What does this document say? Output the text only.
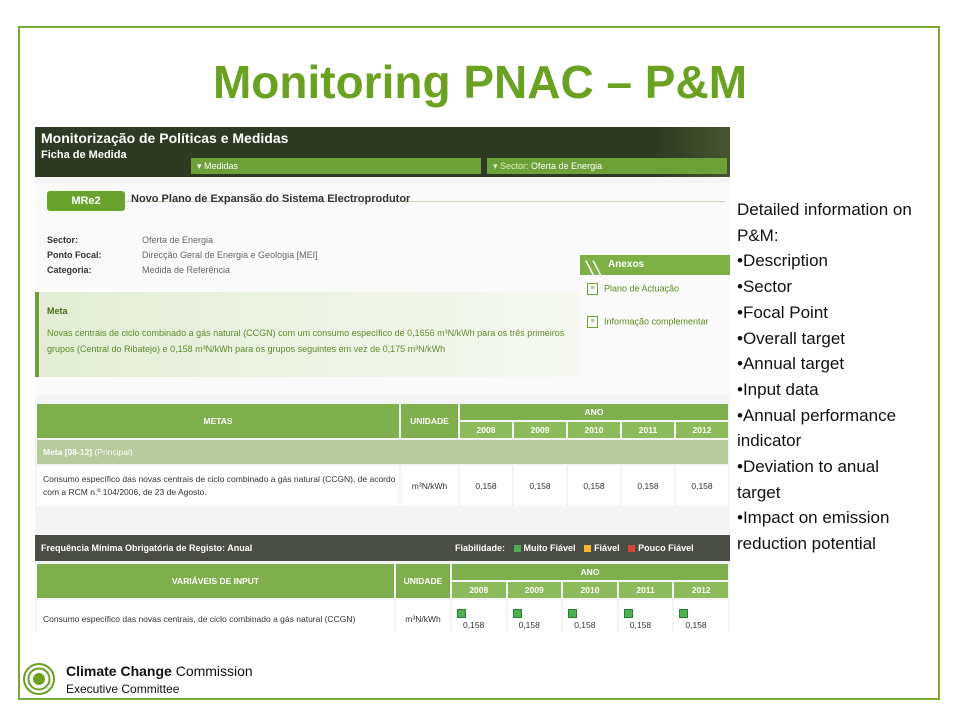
Monitoring PNAC – P&M
Monitorização de Políticas e Medidas
Ficha de Medida
▾ Medidas	▾ Sector: Oferta de Energia
MRe2	Novo Plano de Expansão do Sistema Electroprodutor
Sector:	Oferta de Energia
Ponto Focal:	Direcção Geral de Energia e Geologia [MEI]
Categoria:	Medida de Referência	╲╲ Anexos
≡ Plano de Actuação
≡ Informação complementar
Meta
Novas centrais de ciclo combinado a gás natural (CCGN) com um consumo específico de 0,1656 m³N/kWh para os três primeiros grupos (Central do Ribatejo) e 0,158 m³N/kWh para os grupos seguintes em vez de 0,175 m³N/kWh
METAS	UNIDADE	ANO				
		2008	2009	2010	2011	2012
Meta [08-12] (Principal)						
Consumo específico das novas centrais de ciclo combinado a gás natural (CCGN), de acordo com a RCM n.º 104/2006, de 23 de Agosto.	m³N/kWh	0,158	0,158	0,158	0,158	0,158
Frequência Mínima Obrigatória de Registo: Anual	Fiabilidade: Muito Fiável Fiável Pouco Fiável
VARIÁVEIS DE INPUT	UNIDADE	ANO				
		2008	2009	2010	2011	2012
Consumo específico das novas centrais, de ciclo combinado a gás natural (CCGN)	m³N/kWh	0,158	0,158	0,158	0,158	0,158
Detailed information on P&M:
•Description
•Sector
•Focal Point
•Overall target
•Annual target
•Input data
•Annual performance indicator
•Deviation to anual target
•Impact on emission reduction potential
Climate Change Commission
Executive Committee
